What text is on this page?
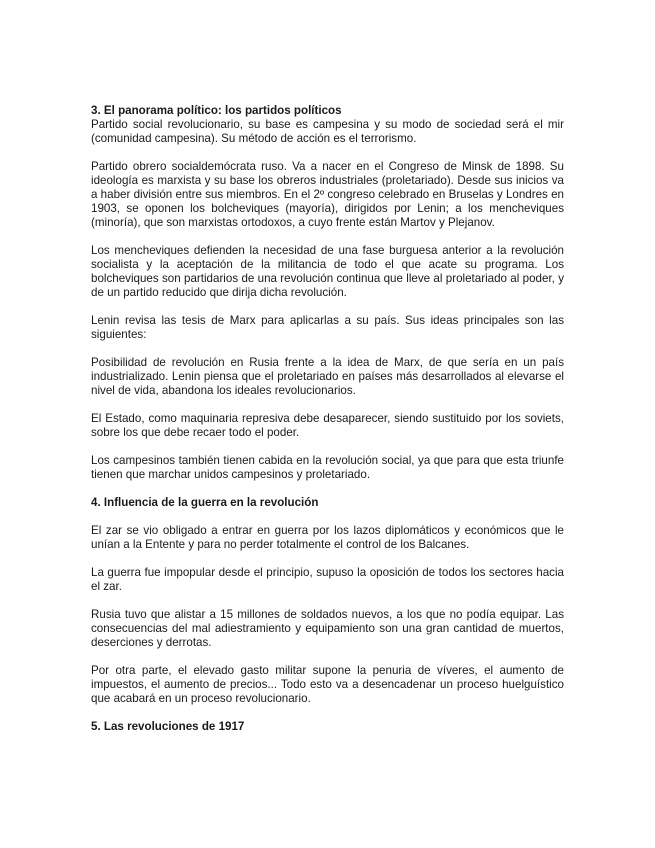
3. El panorama político: los partidos políticos

Partido social revolucionario, su base es campesina y su modo de sociedad será el mir (comunidad campesina). Su método de acción es el terrorismo.

Partido obrero socialdemócrata ruso. Va a nacer en el Congreso de Minsk de 1898. Su ideología es marxista y su base los obreros industriales (proletariado). Desde sus inicios va a haber división entre sus miembros. En el 2º congreso celebrado en Bruselas y Londres en 1903, se oponen los bolcheviques (mayoría), dirigidos por Lenin; a los mencheviques (minoría), que son marxistas ortodoxos, a cuyo frente están Martov y Plejanov.

Los mencheviques defienden la necesidad de una fase burguesa anterior a la revolución socialista y la aceptación de la militancia de todo el que acate su programa. Los bolcheviques son partidarios de una revolución continua que lleve al proletariado al poder, y de un partido reducido que dirija dicha revolución.

Lenin revisa las tesis de Marx para aplicarlas a su país. Sus ideas principales son las siguientes:

Posibilidad de revolución en Rusia frente a la idea de Marx, de que sería en un país industrializado. Lenin piensa que el proletariado en países más desarrollados al elevarse el nivel de vida, abandona los ideales revolucionarios.

El Estado, como maquinaria represiva debe desaparecer, siendo sustituido por los soviets, sobre los que debe recaer todo el poder.

Los campesinos también tienen cabida en la revolución social, ya que para que esta triunfe tienen que marchar unidos campesinos y proletariado.

4. Influencia de la guerra en la revolución

El zar se vio obligado a entrar en guerra por los lazos diplomáticos y económicos que le unían a la Entente y para no perder totalmente el control de los Balcanes.

La guerra fue impopular desde el principio, supuso la oposición de todos los sectores hacia el zar.

Rusia tuvo que alistar a 15 millones de soldados nuevos, a los que no podía equipar. Las consecuencias del mal adiestramiento y equipamiento son una gran cantidad de muertos, deserciones y derrotas.

Por otra parte, el elevado gasto militar supone la penuria de víveres, el aumento de impuestos, el aumento de precios... Todo esto va a desencadenar un proceso huelguístico que acabará en un proceso revolucionario.

5. Las revoluciones de 1917
